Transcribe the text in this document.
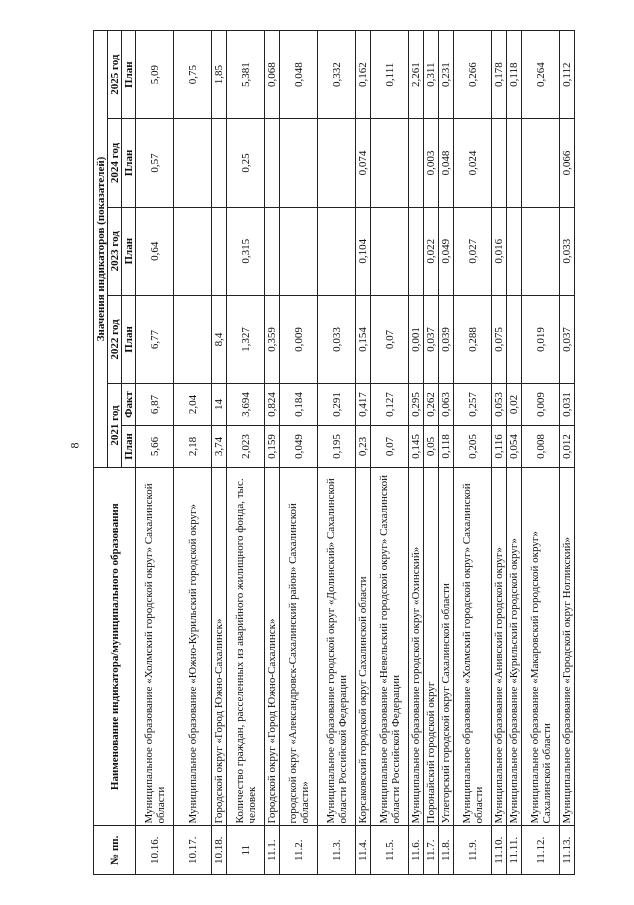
8
№ пп.	Наименование индикатора/муниципального образования	Значения индикаторов (показателей)					
		2021 год		2022 год	2023 год	2024 год	2025 год
		План	Факт	План	План	План	План
10.16.	Муниципальное образование «Холмский городской округ» Сахалинской области	5,66	6,87	6,77	0,64	0,57	5,09
10.17.	Муниципальное образование «Южно-Курильский городской округ»	2,18	2,04				0,75
10.18.	Городской округ «Город Южно-Сахалинск»	3,74	14	8,4			1,85
11	Количество граждан, расселенных из аварийного жилищного фонда, тыс. человек	2,023	3,694	1,327	0,315	0,25	5,381
11.1.	Городской округ «Город Южно-Сахалинск»	0,159	0,824	0,359			0,068
11.2.	городской округ «Александровск-Сахалинский район» Сахалинской области»	0,049	0,184	0,009			0,048
11.3.	Муниципальное образование городской округ «Долинский» Сахалинской области Российской Федерации	0,195	0,291	0,033			0,332
11.4.	Корсаковский городской округ Сахалинской области	0,23	0,417	0,154	0,104	0,074	0,162
11.5.	Муниципальное образование «Невельский городской округ» Сахалинской области Российской Федерации	0,07	0,127	0,07			0,111
11.6.	Муниципальное образование городской округ «Охинский»	0,145	0,295	0,001			2,261
11.7.	Поронайский городской округ	0,05	0,262	0,037	0,022	0,003	0,311
11.8.	Углегорский городской округ Сахалинской области	0,118	0,063	0,039	0,049	0,048	0,231
11.9.	Муниципальное образование «Холмский городской округ» Сахалинской области	0,205	0,257	0,288	0,027	0,024	0,266
11.10.	Муниципальное образование «Анивский городской округ»	0,116	0,053	0,075	0,016		0,178
11.11.	Муниципальное образование «Курильский городской округ»	0,054	0,02				0,118
11.12.	Муниципальное образование «Макаровский городской округ» Сахалинской области	0,008	0,009	0,019			0,264
11.13.	Муниципальное образование «Городской округ Ногликский»	0,012	0,031	0,037	0,033	0,066	0,112
